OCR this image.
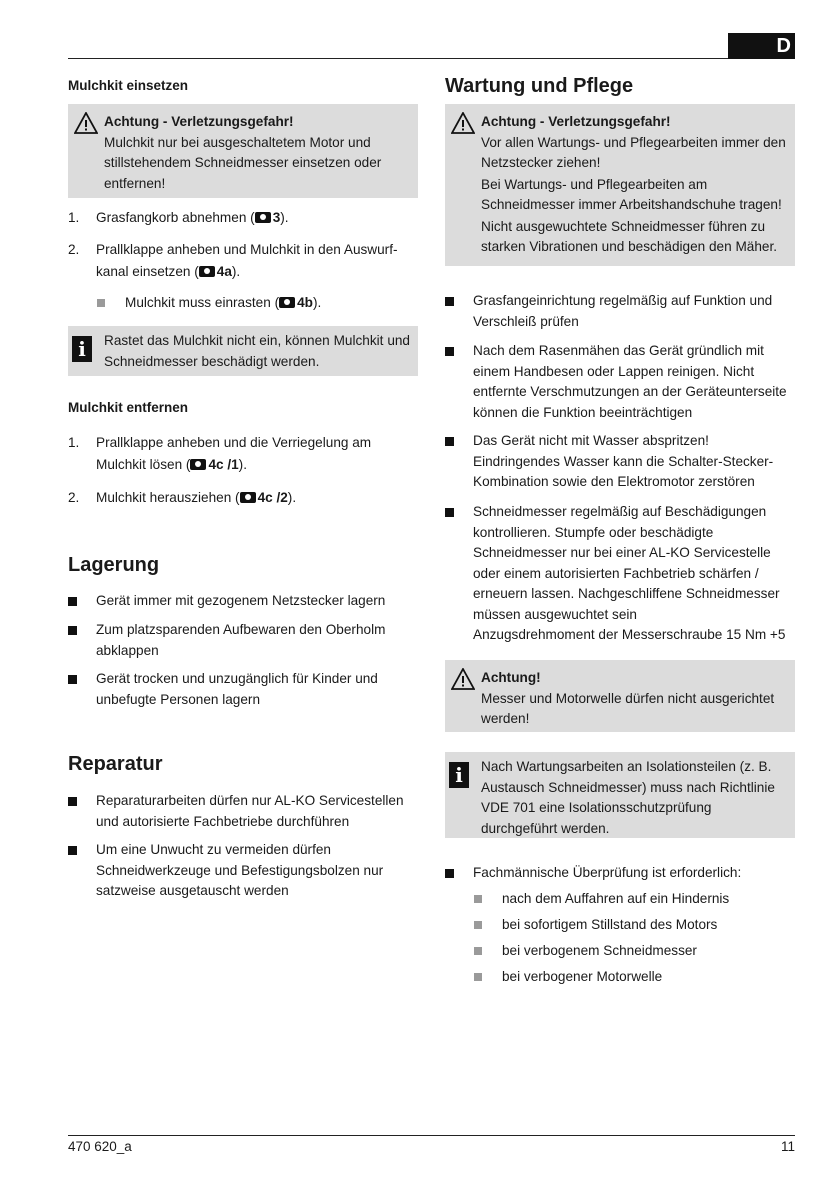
D
Mulchkit einsetzen
Achtung - Verletzungsgefahr!

Mulchkit nur bei ausgeschaltetem Motor und stillstehendem Schneidmesser einsetzen oder entfernen!

1. Grasfangkorb abnehmen ( 3).
2. Prallklappe anheben und Mulchkit in den Auswurf-
kanal einsetzen ( 4a).
Mulchkit muss einrasten ( 4b).
i	Rastet das Mulchkit nicht ein, können Mulchkit und Schneidmesser beschädigt werden.
Mulchkit entfernen
1. Prallklappe anheben und die Verriegelung am
Mulchkit lösen ( 4c /1).
2. Mulchkit herausziehen ( 4c /2).
Lagerung
Gerät immer mit gezogenem Netzstecker lagern
Zum platzsparenden Aufbewaren den Oberholm abklappen
Gerät trocken und unzugänglich für Kinder und unbefugte Personen lagern
Reparatur
Reparaturarbeiten dürfen nur AL-KO Servicestellen und autorisierte Fachbetriebe durchführen
Um eine Unwucht zu vermeiden dürfen Schneidwerkzeuge und Befestigungsbolzen nur satzweise ausgetauscht werden
Wartung und Pflege
Achtung - Verletzungsgefahr!

Vor allen Wartungs- und Pflegearbeiten immer den Netzstecker ziehen!

Bei Wartungs- und Pflegearbeiten am Schneidmesser immer Arbeitshandschuhe tragen!

Nicht ausgewuchtete Schneidmesser führen zu starken Vibrationen und beschädigen den Mäher.

Grasfangeinrichtung regelmäßig auf Funktion und Verschleiß prüfen
Nach dem Rasenmähen das Gerät gründlich mit einem Handbesen oder Lappen reinigen. Nicht entfernte Verschmutzungen an der Geräteunterseite können die Funktion beeinträchtigen
Das Gerät nicht mit Wasser abspritzen! Eindringendes Wasser kann die Schalter-Stecker-Kombination sowie den Elektromotor zerstören
Schneidmesser regelmäßig auf Beschädigungen kontrollieren. Stumpfe oder beschädigte Schneidmesser nur bei einer AL-KO Servicestelle oder einem autorisierten Fachbetrieb schärfen / erneuern lassen. Nachgeschliffene Schneidmesser müssen ausgewuchtet sein
Anzugsdrehmoment der Messerschraube 15 Nm +5
Achtung!

Messer und Motorwelle dürfen nicht ausgerichtet werden!

i	Nach Wartungsarbeiten an Isolationsteilen (z. B. Austausch Schneidmesser) muss nach Richtlinie VDE 701 eine Isolationsschutzprüfung durchgeführt werden.
Fachmännische Überprüfung ist erforderlich:
nach dem Auffahren auf ein Hindernis
bei sofortigem Stillstand des Motors
bei verbogenem Schneidmesser
bei verbogener Motorwelle
470 620_a	11
